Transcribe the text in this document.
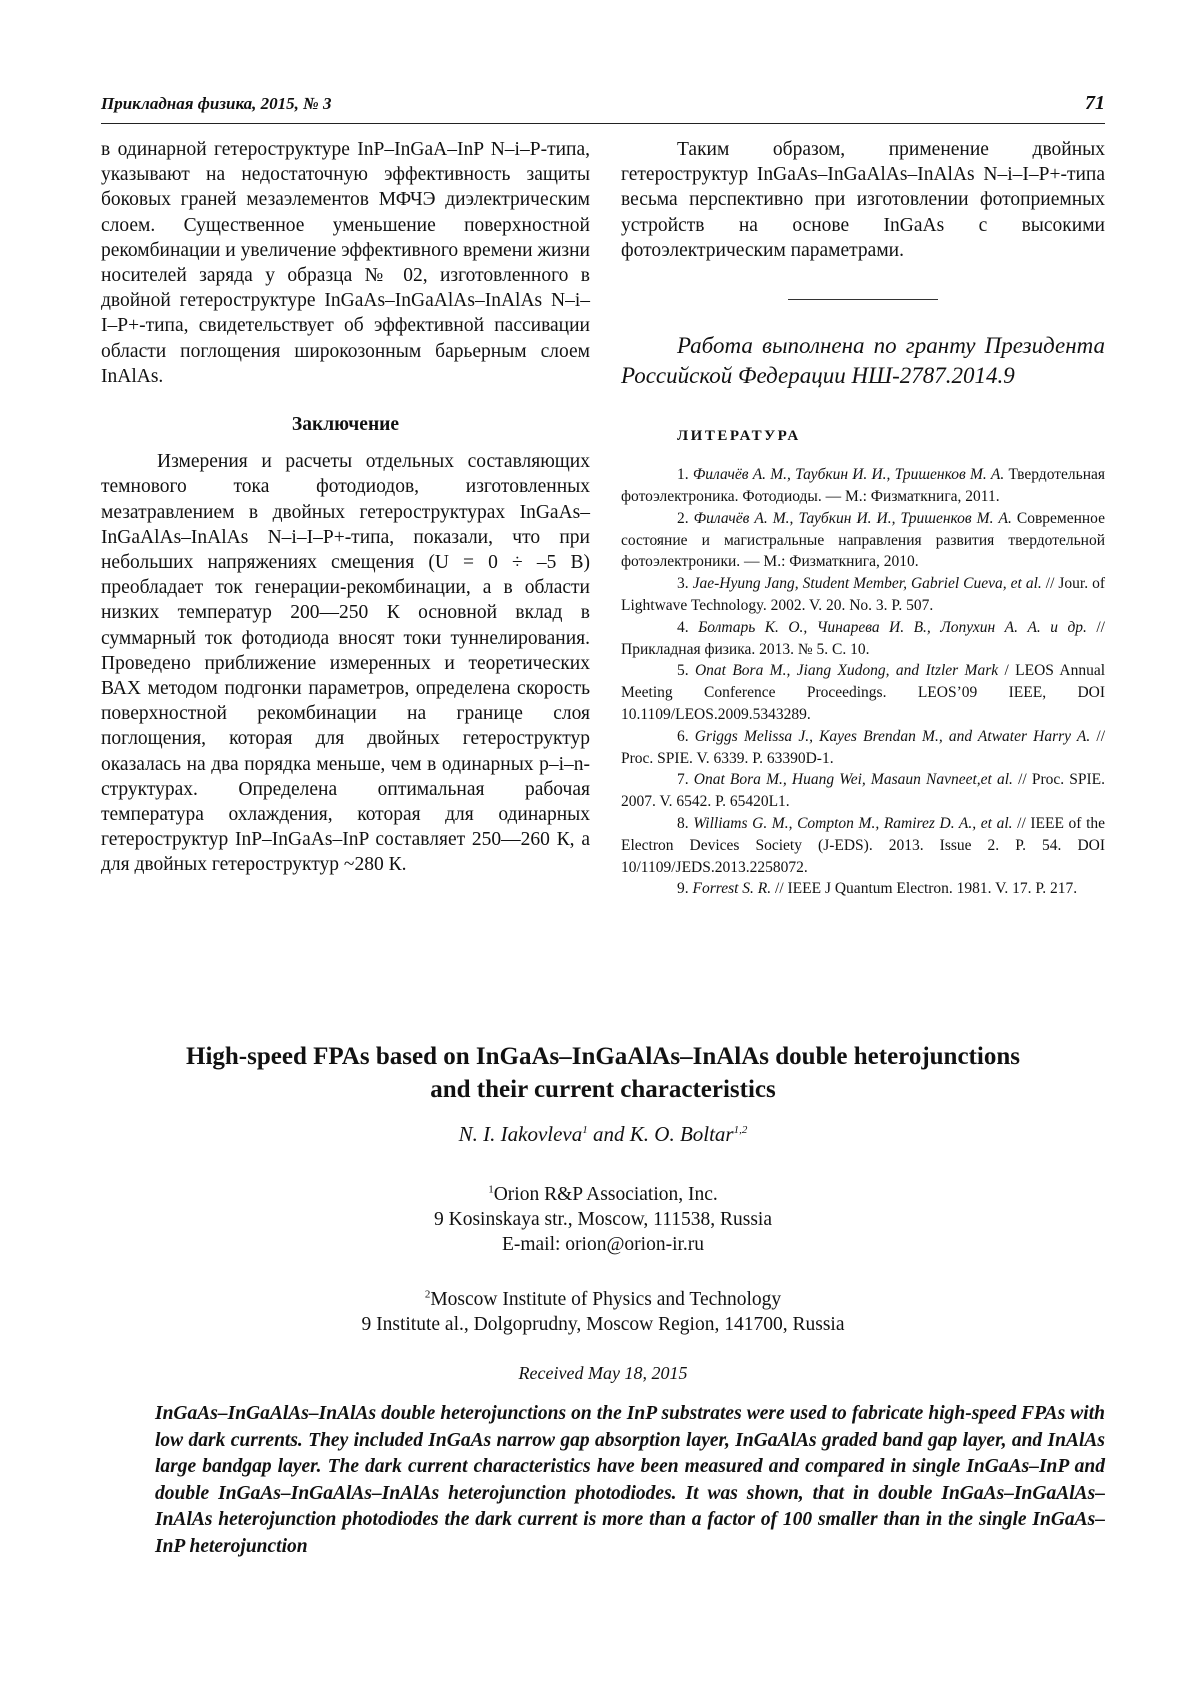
Прикладная физика, 2015, № 3	71

в одинарной гетероструктуре InP–InGaA–InP N–i–P-типа, указывают на недостаточную эффективность защиты боковых граней мезаэлементов МФЧЭ диэлектрическим слоем. Существенное уменьшение поверхностной рекомбинации и увеличение эффективного времени жизни носителей заряда у образца № 02, изготовленного в двойной гетероструктуре InGaAs–InGaAlAs–InAlAs N–i–I–P+-типа, свидетельствует об эффективной пассивации области поглощения широкозонным барьерным слоем InAlAs.

Заключение

Измерения и расчеты отдельных составляющих темнового тока фотодиодов, изготовленных мезатравлением в двойных гетероструктурах InGaAs–InGaAlAs–InAlAs N–i–I–P+-типа, показали, что при небольших напряжениях смещения (U = 0 ÷ –5 В) преобладает ток генерации-рекомбинации, а в области низких температур 200—250 К основной вклад в суммарный ток фотодиода вносят токи туннелирования. Проведено приближение измеренных и теоретических ВАХ методом подгонки параметров, определена скорость поверхностной рекомбинации на границе слоя поглощения, которая для двойных гетероструктур оказалась на два порядка меньше, чем в одинарных p–i–n-структурах. Определена оптимальная рабочая температура охлаждения, которая для одинарных гетероструктур InP–InGaAs–InP составляет 250—260 К, а для двойных гетероструктур ~280 К.

Таким образом, применение двойных гетероструктур InGaAs–InGaAlAs–InAlAs N–i–I–P+-типа весьма перспективно при изготовлении фотоприемных устройств на основе InGaAs с высокими фотоэлектрическим параметрами.

Работа выполнена по гранту Президента Российской Федерации НШ-2787.2014.9

ЛИТЕРАТУРА

1. Филачёв А. М., Таубкин И. И., Тришенков М. А. Твердотельная фотоэлектроника. Фотодиоды. — М.: Физматкнига, 2011.

2. Филачёв А. М., Таубкин И. И., Тришенков М. А. Современное состояние и магистральные направления развития твердотельной фотоэлектроники. — М.: Физматкнига, 2010.

3. Jae-Hyung Jang, Student Member, Gabriel Cueva, et al. // Jour. of Lightwave Technology. 2002. V. 20. No. 3. P. 507.

4. Болтарь К. О., Чинарева И. В., Лопухин А. А. и др. // Прикладная физика. 2013. № 5. С. 10.

5. Onat Bora M., Jiang Xudong, and Itzler Mark / LEOS Annual Meeting Conference Proceedings. LEOS’09 IEEE, DOI 10.1109/LEOS.2009.5343289.

6. Griggs Melissa J., Kayes Brendan M., and Atwater Harry A. // Proc. SPIE. V. 6339. P. 63390D-1.

7. Onat Bora M., Huang Wei, Masaun Navneet,et al. // Proc. SPIE. 2007. V. 6542. P. 65420L1.

8. Williams G. M., Compton M., Ramirez D. A., et al. // IEEE of the Electron Devices Society (J-EDS). 2013. Issue 2. P. 54. DOI 10/1109/JEDS.2013.2258072.

9. Forrest S. R. // IEEE J Quantum Electron. 1981. V. 17. P. 217.

High-speed FPAs based on InGaAs–InGaAlAs–InAlAs double heterojunctions
and their current characteristics
N. I. Iakovleva$^1$ and K. O. Boltar$^{1,2}$
$^1$Orion R&P Association, Inc.
9 Kosinskaya str., Moscow, 111538, Russia
E-mail: orion@orion-ir.ru
$^2$Moscow Institute of Physics and Technology
9 Institute al., Dolgoprudny, Moscow Region, 141700, Russia
Received May 18, 2015
InGaAs–InGaAlAs–InAlAs double heterojunctions on the InP substrates were used to fabricate high-speed FPAs with low dark currents. They included InGaAs narrow gap absorption layer, InGaAlAs graded band gap layer, and InAlAs large bandgap layer. The dark current characteristics have been measured and compared in single InGaAs–InP and double InGaAs–InGaAlAs–InAlAs heterojunction photodiodes. It was shown, that in double InGaAs–InGaAlAs–InAlAs heterojunction photodiodes the dark current is more than a factor of 100 smaller than in the single InGaAs–InP heterojunction
